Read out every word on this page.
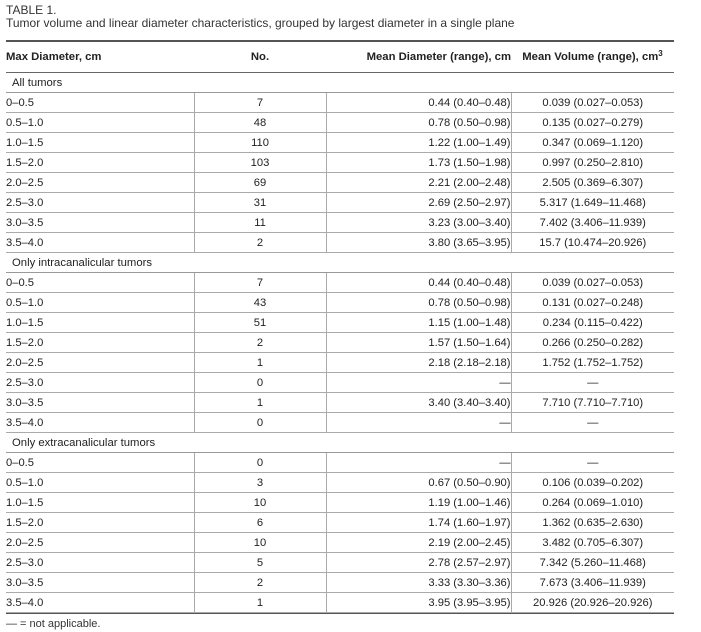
TABLE 1.
Tumor volume and linear diameter characteristics, grouped by largest diameter in a single plane
Max Diameter, cm	No.	Mean Diameter (range), cm	Mean Volume (range), $cm^3$
All tumors			
0–0.5	7	0.44 (0.40–0.48)	0.039 (0.027–0.053)
0.5–1.0	48	0.78 (0.50–0.98)	0.135 (0.027–0.279)
1.0–1.5	110	1.22 (1.00–1.49)	0.347 (0.069–1.120)
1.5–2.0	103	1.73 (1.50–1.98)	0.997 (0.250–2.810)
2.0–2.5	69	2.21 (2.00–2.48)	2.505 (0.369–6.307)
2.5–3.0	31	2.69 (2.50–2.97)	5.317 (1.649–11.468)
3.0–3.5	11	3.23 (3.00–3.40)	7.402 (3.406–11.939)
3.5–4.0	2	3.80 (3.65–3.95)	15.7 (10.474–20.926)
Only intracanalicular tumors			
0–0.5	7	0.44 (0.40–0.48)	0.039 (0.027–0.053)
0.5–1.0	43	0.78 (0.50–0.98)	0.131 (0.027–0.248)
1.0–1.5	51	1.15 (1.00–1.48)	0.234 (0.115–0.422)
1.5–2.0	2	1.57 (1.50–1.64)	0.266 (0.250–0.282)
2.0–2.5	1	2.18 (2.18–2.18)	1.752 (1.752–1.752)
2.5–3.0	0	—	—
3.0–3.5	1	3.40 (3.40–3.40)	7.710 (7.710–7.710)
3.5–4.0	0	—	—
Only extracanalicular tumors			
0–0.5	0	—	—
0.5–1.0	3	0.67 (0.50–0.90)	0.106 (0.039–0.202)
1.0–1.5	10	1.19 (1.00–1.46)	0.264 (0.069–1.010)
1.5–2.0	6	1.74 (1.60–1.97)	1.362 (0.635–2.630)
2.0–2.5	10	2.19 (2.00–2.45)	3.482 (0.705–6.307)
2.5–3.0	5	2.78 (2.57–2.97)	7.342 (5.260–11.468)
3.0–3.5	2	3.33 (3.30–3.36)	7.673 (3.406–11.939)
3.5–4.0	1	3.95 (3.95–3.95)	20.926 (20.926–20.926)
— = not applicable.
